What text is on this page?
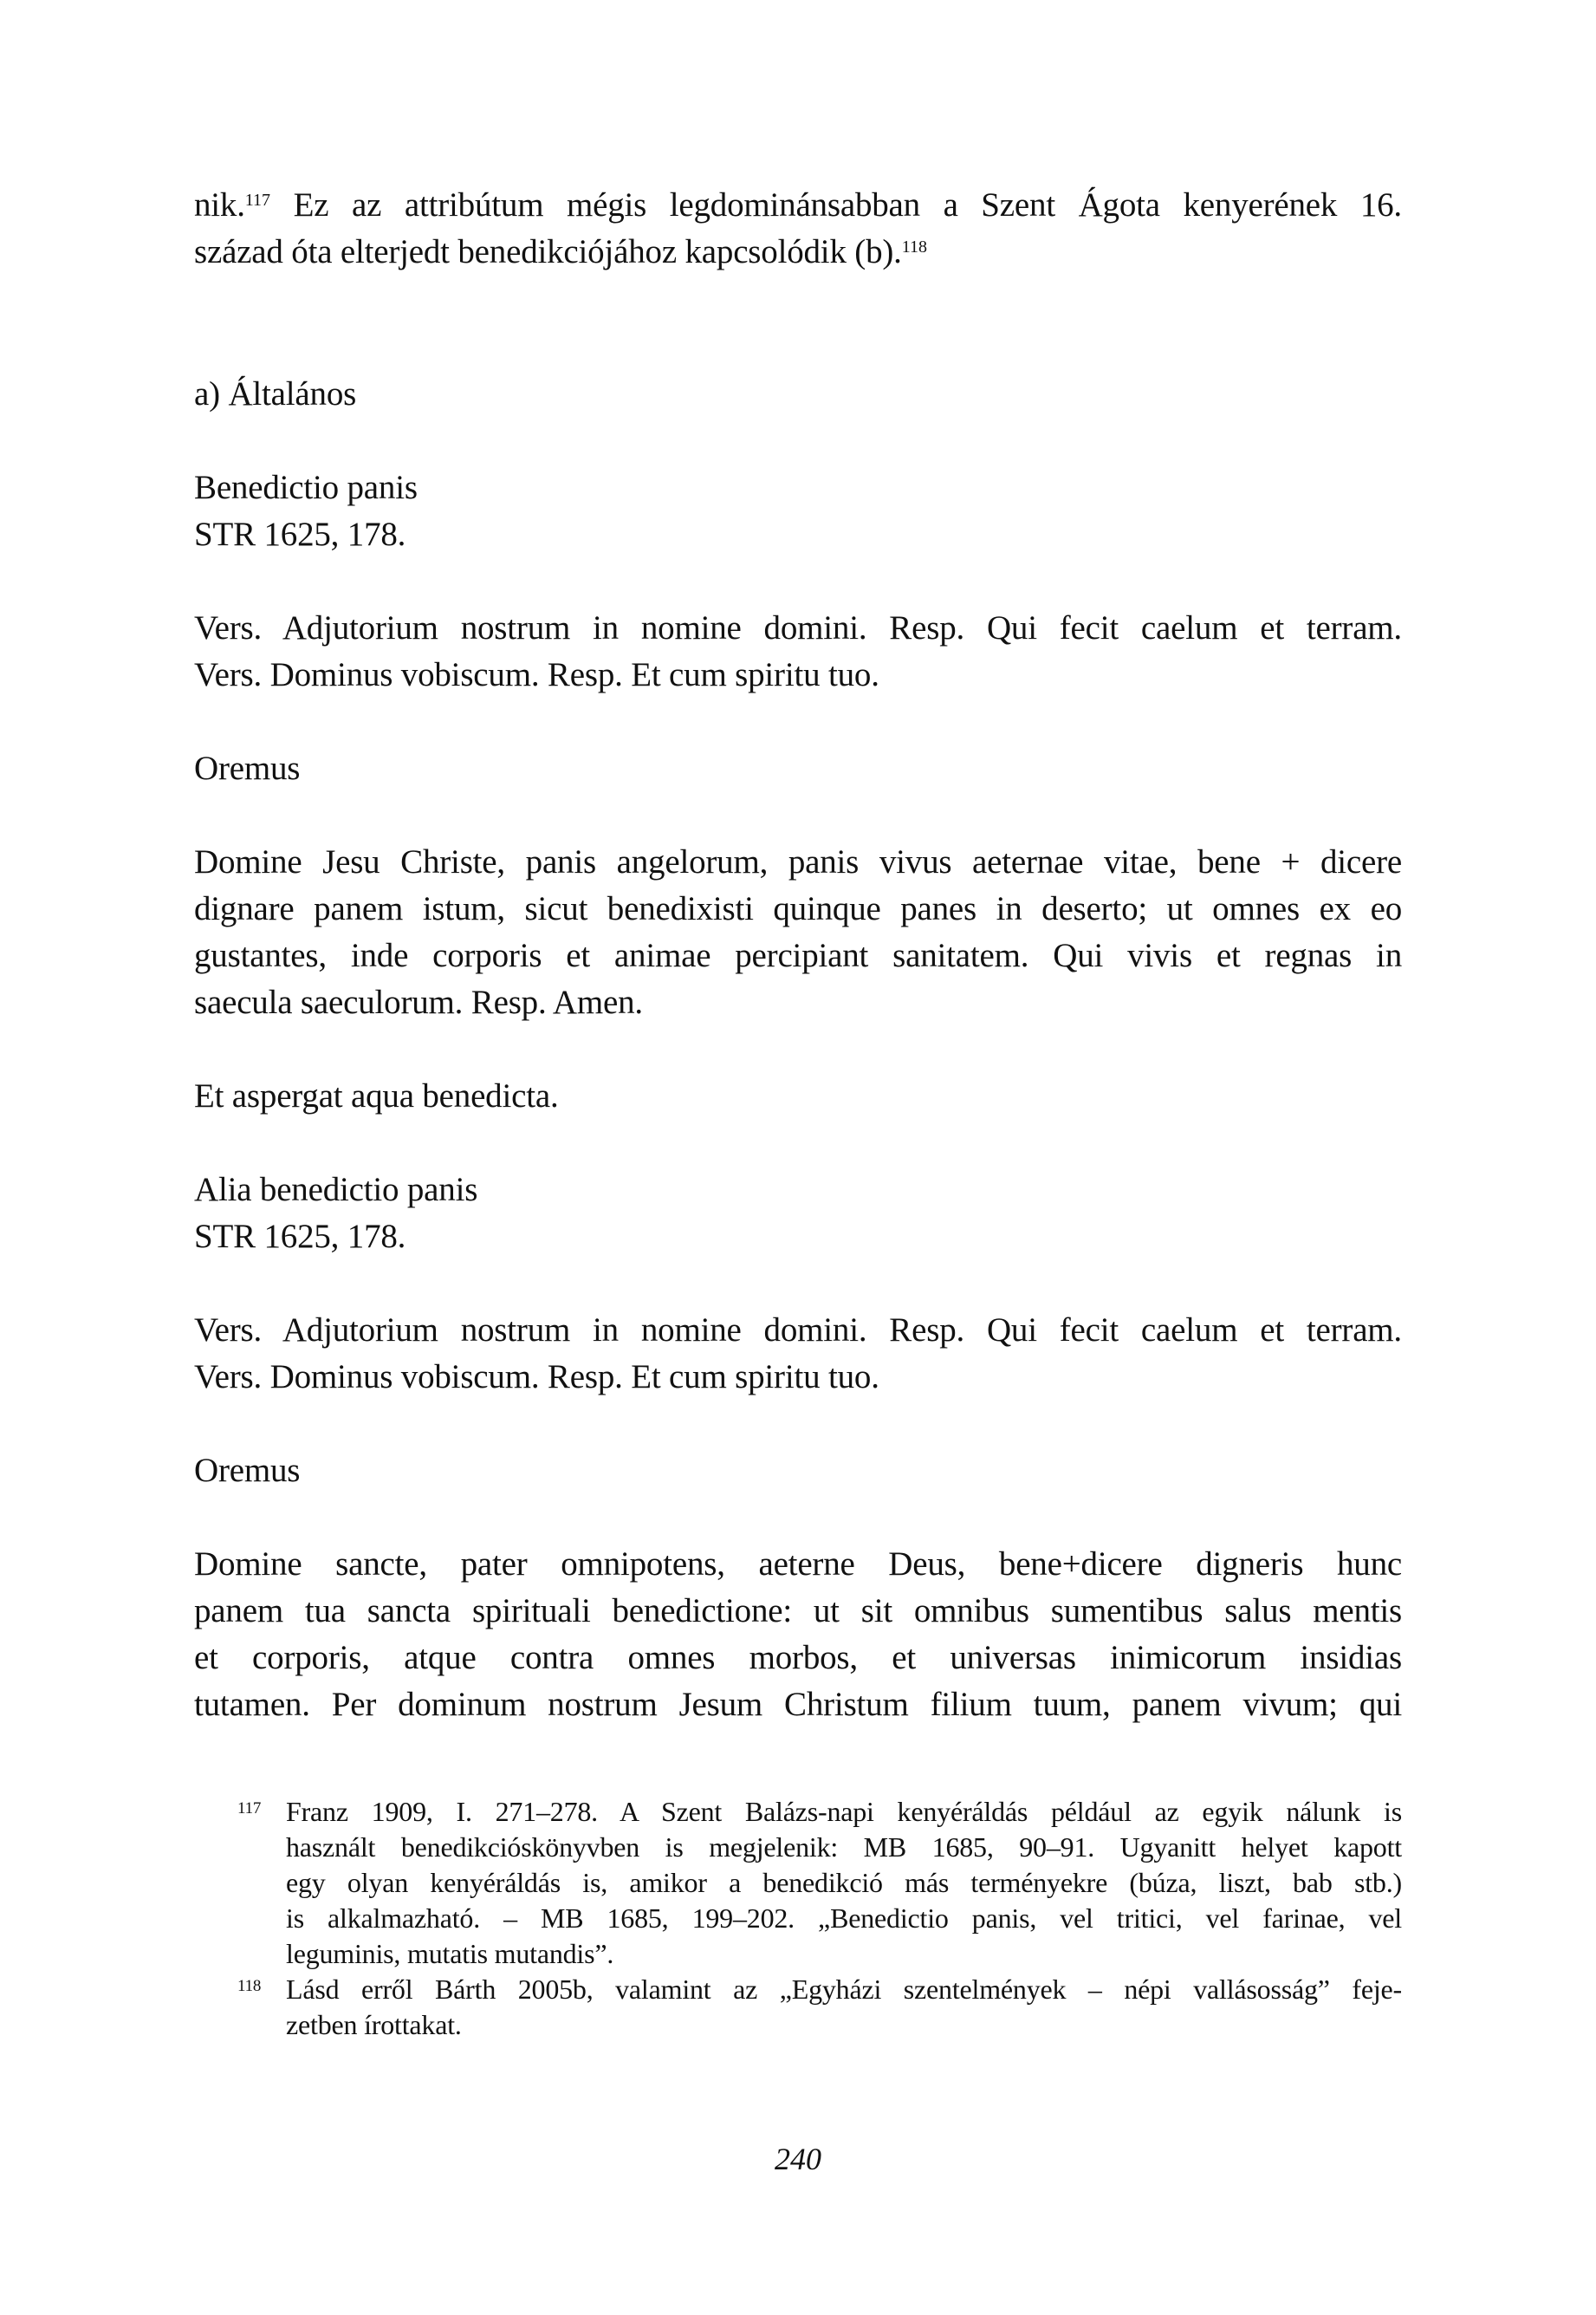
nik.$^{117}$ Ez az attribútum mégis legdominánsabban a Szent Ágota kenyerének 16.
század óta elterjedt benedikciójához kapcsolódik (b).$^{118}$
a) Általános
Benedictio panis
STR 1625, 178.
Vers. Adjutorium nostrum in nomine domini. Resp. Qui fecit caelum et terram.
Vers. Dominus vobiscum. Resp. Et cum spiritu tuo.
Oremus
Domine Jesu Christe, panis angelorum, panis vivus aeternae vitae, bene + dicere
dignare panem istum, sicut benedixisti quinque panes in deserto; ut omnes ex eo
gustantes, inde corporis et animae percipiant sanitatem. Qui vivis et regnas in
saecula saeculorum. Resp. Amen.
Et aspergat aqua benedicta.
Alia benedictio panis
STR 1625, 178.
Vers. Adjutorium nostrum in nomine domini. Resp. Qui fecit caelum et terram.
Vers. Dominus vobiscum. Resp. Et cum spiritu tuo.
Oremus
Domine sancte, pater omnipotens, aeterne Deus, bene+dicere digneris hunc
panem tua sancta spirituali benedictione: ut sit omnibus sumentibus salus mentis
et corporis, atque contra omnes morbos, et universas inimicorum insidias
tutamen. Per dominum nostrum Jesum Christum filium tuum, panem vivum; qui
117 Franz 1909, I. 271–278. A Szent Balázs-napi kenyéráldás például az egyik nálunk is
használt benedikcióskönyvben is megjelenik: MB 1685, 90–91. Ugyanitt helyet kapott
egy olyan kenyéráldás is, amikor a benedikció más terményekre (búza, liszt, bab stb.)
is alkalmazható. – MB 1685, 199–202. „Benedictio panis, vel tritici, vel farinae, vel
leguminis, mutatis mutandis”.
118 Lásd erről Bárth 2005b, valamint az „Egyházi szentelmények – népi vallásosság” feje-
zetben írottakat.
240
